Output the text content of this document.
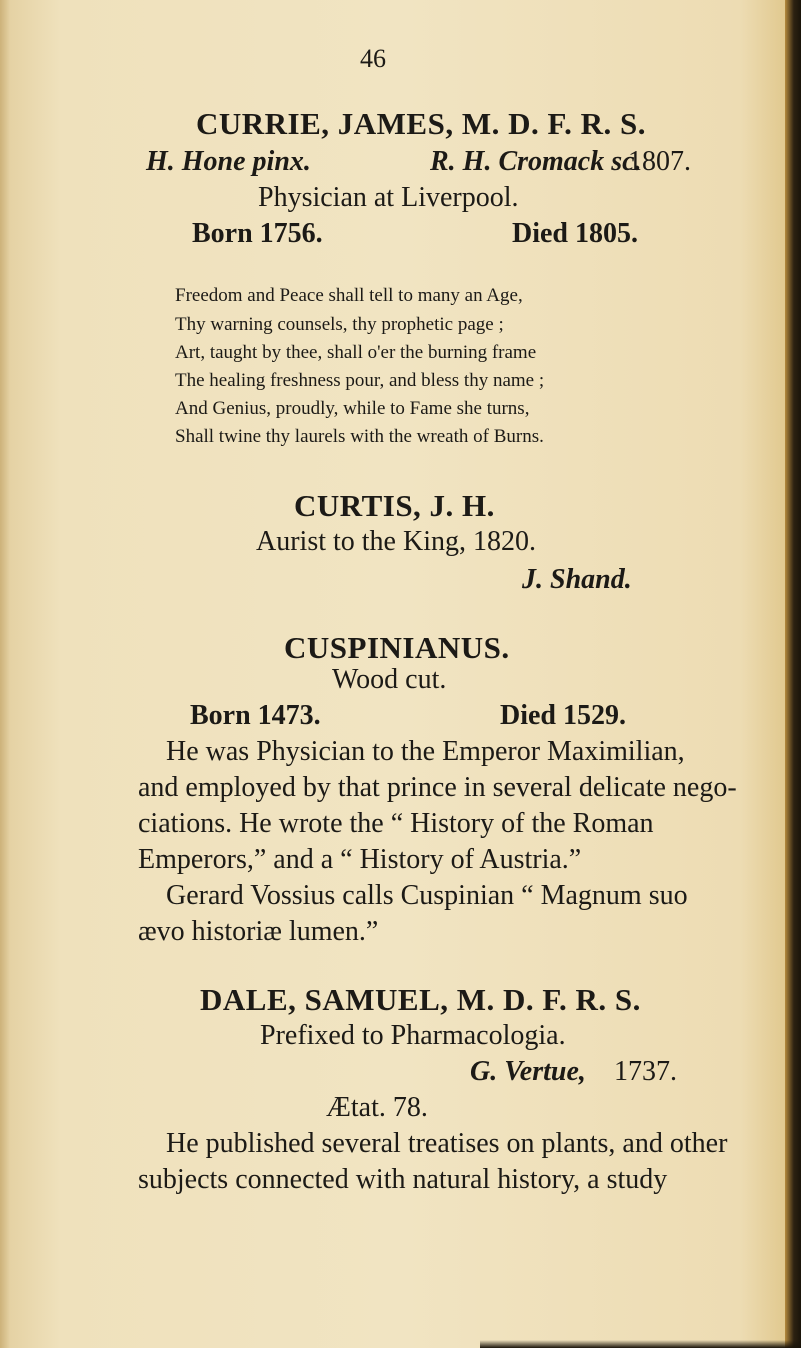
46

CURRIE, JAMES, M. D. F. R. S.

H. Hone pinx.	R. H. Cromack sc.

1807.

Physician at Liverpool.

Born 1756.	Died 1805.

Freedom and Peace shall tell to many an Age,

Thy warning counsels, thy prophetic page ;

Art, taught by thee, shall o'er the burning frame

The healing freshness pour, and bless thy name ;

And Genius, proudly, while to Fame she turns,

Shall twine thy laurels with the wreath of Burns.

CURTIS, J. H.

Aurist to the King, 1820.

J. Shand.

CUSPINIANUS.

Wood cut.

Born 1473.	Died 1529.

He was Physician to the Emperor Maximilian,

and employed by that prince in several delicate nego-

ciations. He wrote the “ History of the Roman

Emperors,” and a “ History of Austria.”

Gerard Vossius calls Cuspinian “ Magnum suo

ævo historiæ lumen.”

DALE, SAMUEL, M. D. F. R. S.

Prefixed to Pharmacologia.

G. Vertue, 1737.

Ætat. 78.

He published several treatises on plants, and other

subjects connected with natural history, a study
